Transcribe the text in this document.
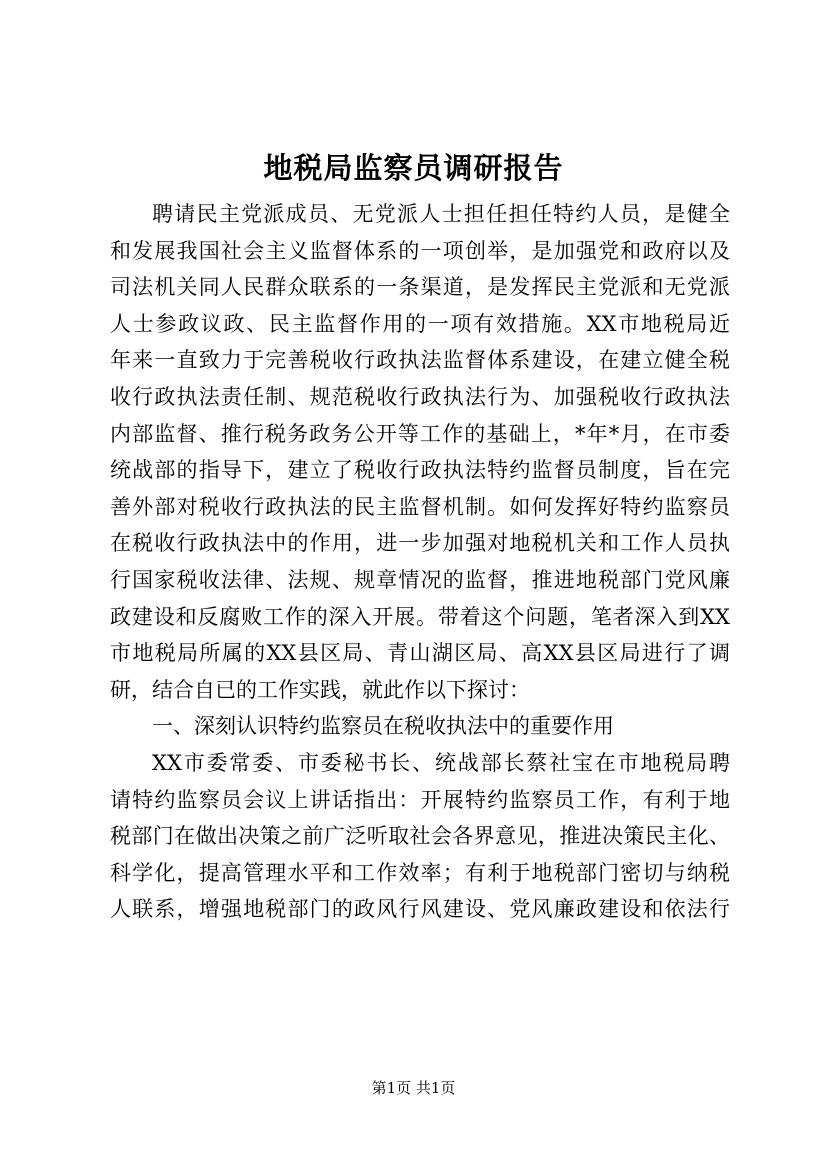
地税局监察员调研报告
聘请民主党派成员、无党派人士担任担任特约人员，是健全
和发展我国社会主义监督体系的一项创举，是加强党和政府以及
司法机关同人民群众联系的一条渠道，是发挥民主党派和无党派
人士参政议政、民主监督作用的一项有效措施。XX市地税局近
年来一直致力于完善税收行政执法监督体系建设，在建立健全税
收行政执法责任制、规范税收行政执法行为、加强税收行政执法
内部监督、推行税务政务公开等工作的基础上，*年*月，在市委
统战部的指导下，建立了税收行政执法特约监督员制度，旨在完
善外部对税收行政执法的民主监督机制。如何发挥好特约监察员
在税收行政执法中的作用，进一步加强对地税机关和工作人员执
行国家税收法律、法规、规章情况的监督，推进地税部门党风廉
政建设和反腐败工作的深入开展。带着这个问题，笔者深入到XX
市地税局所属的XX县区局、青山湖区局、高XX县区局进行了调
研，结合自已的工作实践，就此作以下探讨：
一、深刻认识特约监察员在税收执法中的重要作用
XX市委常委、市委秘书长、统战部长蔡社宝在市地税局聘
请特约监察员会议上讲话指出：开展特约监察员工作，有利于地
税部门在做出决策之前广泛听取社会各界意见，推进决策民主化、
科学化，提高管理水平和工作效率；有利于地税部门密切与纳税
人联系，增强地税部门的政风行风建设、党风廉政建设和依法行
第1页 共1页
